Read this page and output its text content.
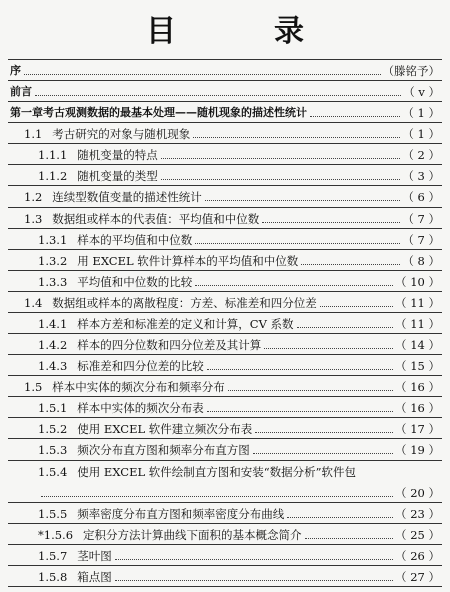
目　录
序	（滕铭予）
前言	（ v ）
第一章 考古观测数据的最基本处理——随机现象的描述性统计	（ 1 ）
1.1 考古研究的对象与随机现象	（ 1 ）
1.1.1 随机变量的特点	（ 2 ）
1.1.2 随机变量的类型	（ 3 ）
1.2 连续型数值变量的描述性统计	（ 6 ）
1.3 数据组或样本的代表值：平均值和中位数	（ 7 ）
1.3.1 样本的平均值和中位数	（ 7 ）
1.3.2 用 EXCEL 软件计算样本的平均值和中位数	（ 8 ）
1.3.3 平均值和中位数的比较	（ 10 ）
1.4 数据组或样本的离散程度：方差、标准差和四分位差	（ 11 ）
1.4.1 样本方差和标准差的定义和计算，CV 系数	（ 11 ）
1.4.2 样本的四分位数和四分位差及其计算	（ 14 ）
1.4.3 标准差和四分位差的比较	（ 15 ）
1.5 样本中实体的频次分布和频率分布	（ 16 ）
1.5.1 样本中实体的频次分布表	（ 16 ）
1.5.2 使用 EXCEL 软件建立频次分布表	（ 17 ）
1.5.3 频次分布直方图和频率分布直方图	（ 19 ）
1.5.4 使用 EXCEL 软件绘制直方图和安装“数据分析”软件包
（ 20 ）
1.5.5 频率密度分布直方图和频率密度分布曲线	（ 23 ）
*1.5.6 定积分方法计算曲线下面积的基本概念简介	（ 25 ）
1.5.7 茎叶图	（ 26 ）
1.5.8 箱点图	（ 27 ）
